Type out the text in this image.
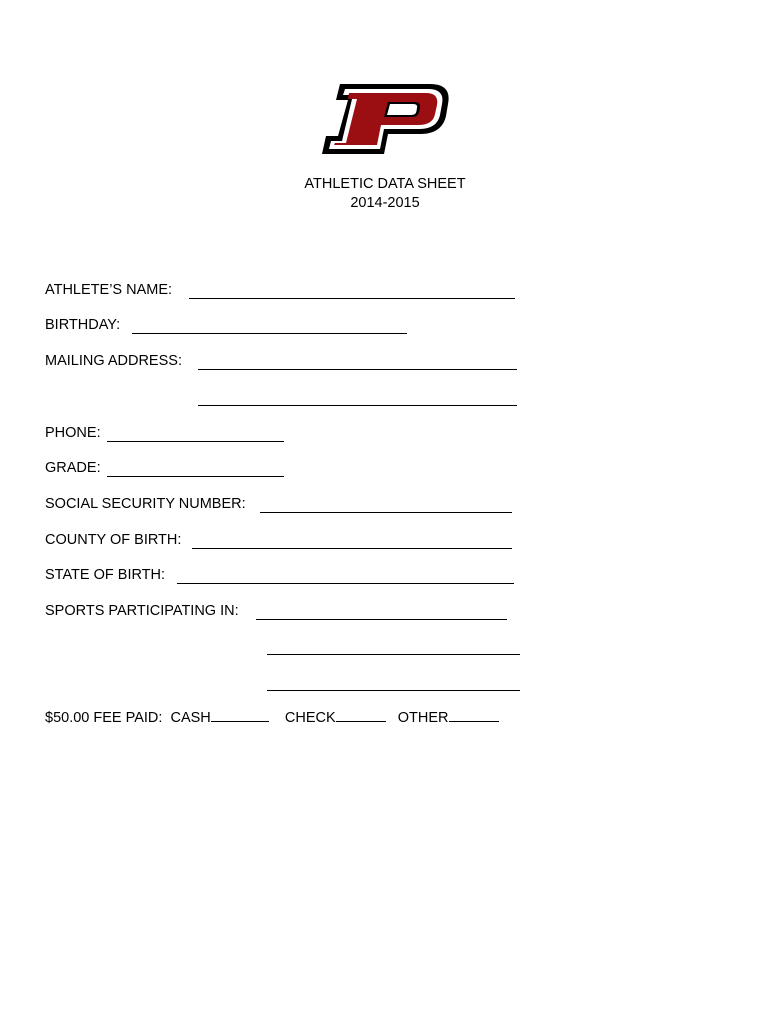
ATHLETIC DATA SHEET
2014-2015
ATHLETE’S NAME:
BIRTHDAY:
MAILING ADDRESS:
PHONE:
GRADE:
SOCIAL SECURITY NUMBER:
COUNTY OF BIRTH:
STATE OF BIRTH:
SPORTS PARTICIPATING IN:
$50.00 FEE PAID: CASH	CHECK	OTHER
